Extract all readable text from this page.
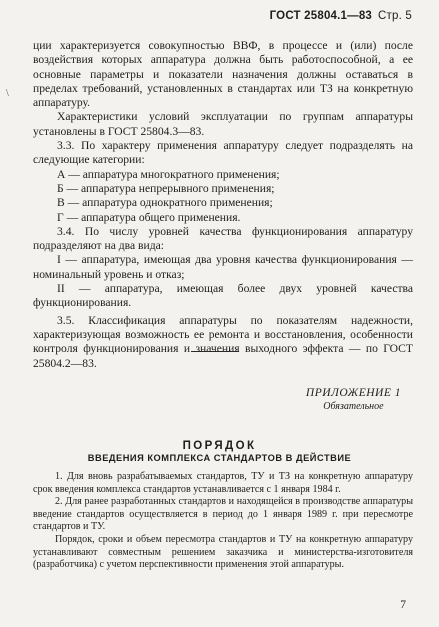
ГОСТ 25804.1—83 Стр. 5
\

ции характеризуется совокупностью ВВФ, в процессе и (или) после воздействия которых аппаратура должна быть работоспособной, а ее основные параметры и показатели назначения должны оставаться в пределах требований, установленных в стандартах или ТЗ на конкретную аппаратуру.

Характеристики условий эксплуатации по группам аппаратуры установлены в ГОСТ 25804.3—83.

3.3. По характеру применения аппаратуру следует подразделять на следующие категории:

А — аппаратура многократного применения;

Б — аппаратура непрерывного применения;

В — аппаратура однократного применения;

Г — аппаратура общего применения.

3.4. По числу уровней качества функционирования аппаратуру подразделяют на два вида:

I — аппаратура, имеющая два уровня качества функционирования — номинальный уровень и отказ;

II — аппаратура, имеющая более двух уровней качества функционирования.

3.5. Классификация аппаратуры по показателям надежности, характеризующая возможность ее ремонта и восстановления, особенности контроля функционирования и значения выходного эффекта — по ГОСТ 25804.2—83.

ПРИЛОЖЕНИЕ 1
Обязательное
ПОРЯДОК
ВВЕДЕНИЯ КОМПЛЕКСА СТАНДАРТОВ В ДЕЙСТВИЕ

1. Для вновь разрабатываемых стандартов, ТУ и ТЗ на конкретную аппаратуру срок введения комплекса стандартов устанавливается с 1 января 1984 г.

2. Для ранее разработанных стандартов и находящейся в производстве аппаратуры введение стандартов осуществляется в период до 1 января 1989 г. при пересмотре стандартов и ТУ.

Порядок, сроки и объем пересмотра стандартов и ТУ на конкретную аппаратуру устанавливают совместным решением заказчика и министерства-изготовителя (разработчика) с учетом перспективности применения этой аппаратуры.

7
